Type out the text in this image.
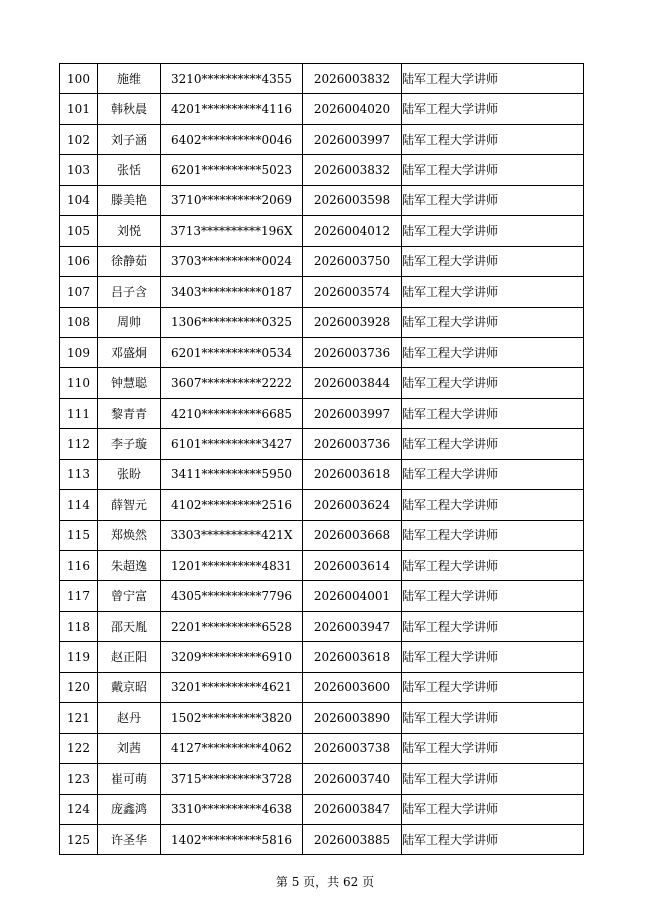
100	施维	3210**********4355	2026003832	陆军工程大学讲师
101	韩秋晨	4201**********4116	2026004020	陆军工程大学讲师
102	刘子涵	6402**********0046	2026003997	陆军工程大学讲师
103	张恬	6201**********5023	2026003832	陆军工程大学讲师
104	滕美艳	3710**********2069	2026003598	陆军工程大学讲师
105	刘悦	3713**********196X	2026004012	陆军工程大学讲师
106	徐静茹	3703**********0024	2026003750	陆军工程大学讲师
107	吕子含	3403**********0187	2026003574	陆军工程大学讲师
108	周帅	1306**********0325	2026003928	陆军工程大学讲师
109	邓盛炯	6201**********0534	2026003736	陆军工程大学讲师
110	钟慧聪	3607**********2222	2026003844	陆军工程大学讲师
111	黎青青	4210**********6685	2026003997	陆军工程大学讲师
112	李子璇	6101**********3427	2026003736	陆军工程大学讲师
113	张盼	3411**********5950	2026003618	陆军工程大学讲师
114	薛智元	4102**********2516	2026003624	陆军工程大学讲师
115	郑焕然	3303**********421X	2026003668	陆军工程大学讲师
116	朱超逸	1201**********4831	2026003614	陆军工程大学讲师
117	曾宁富	4305**********7796	2026004001	陆军工程大学讲师
118	邵天胤	2201**********6528	2026003947	陆军工程大学讲师
119	赵正阳	3209**********6910	2026003618	陆军工程大学讲师
120	戴京昭	3201**********4621	2026003600	陆军工程大学讲师
121	赵丹	1502**********3820	2026003890	陆军工程大学讲师
122	刘茜	4127**********4062	2026003738	陆军工程大学讲师
123	崔可萌	3715**********3728	2026003740	陆军工程大学讲师
124	庞鑫鸿	3310**********4638	2026003847	陆军工程大学讲师
125	许圣华	1402**********5816	2026003885	陆军工程大学讲师
第 5 页，共 62 页
